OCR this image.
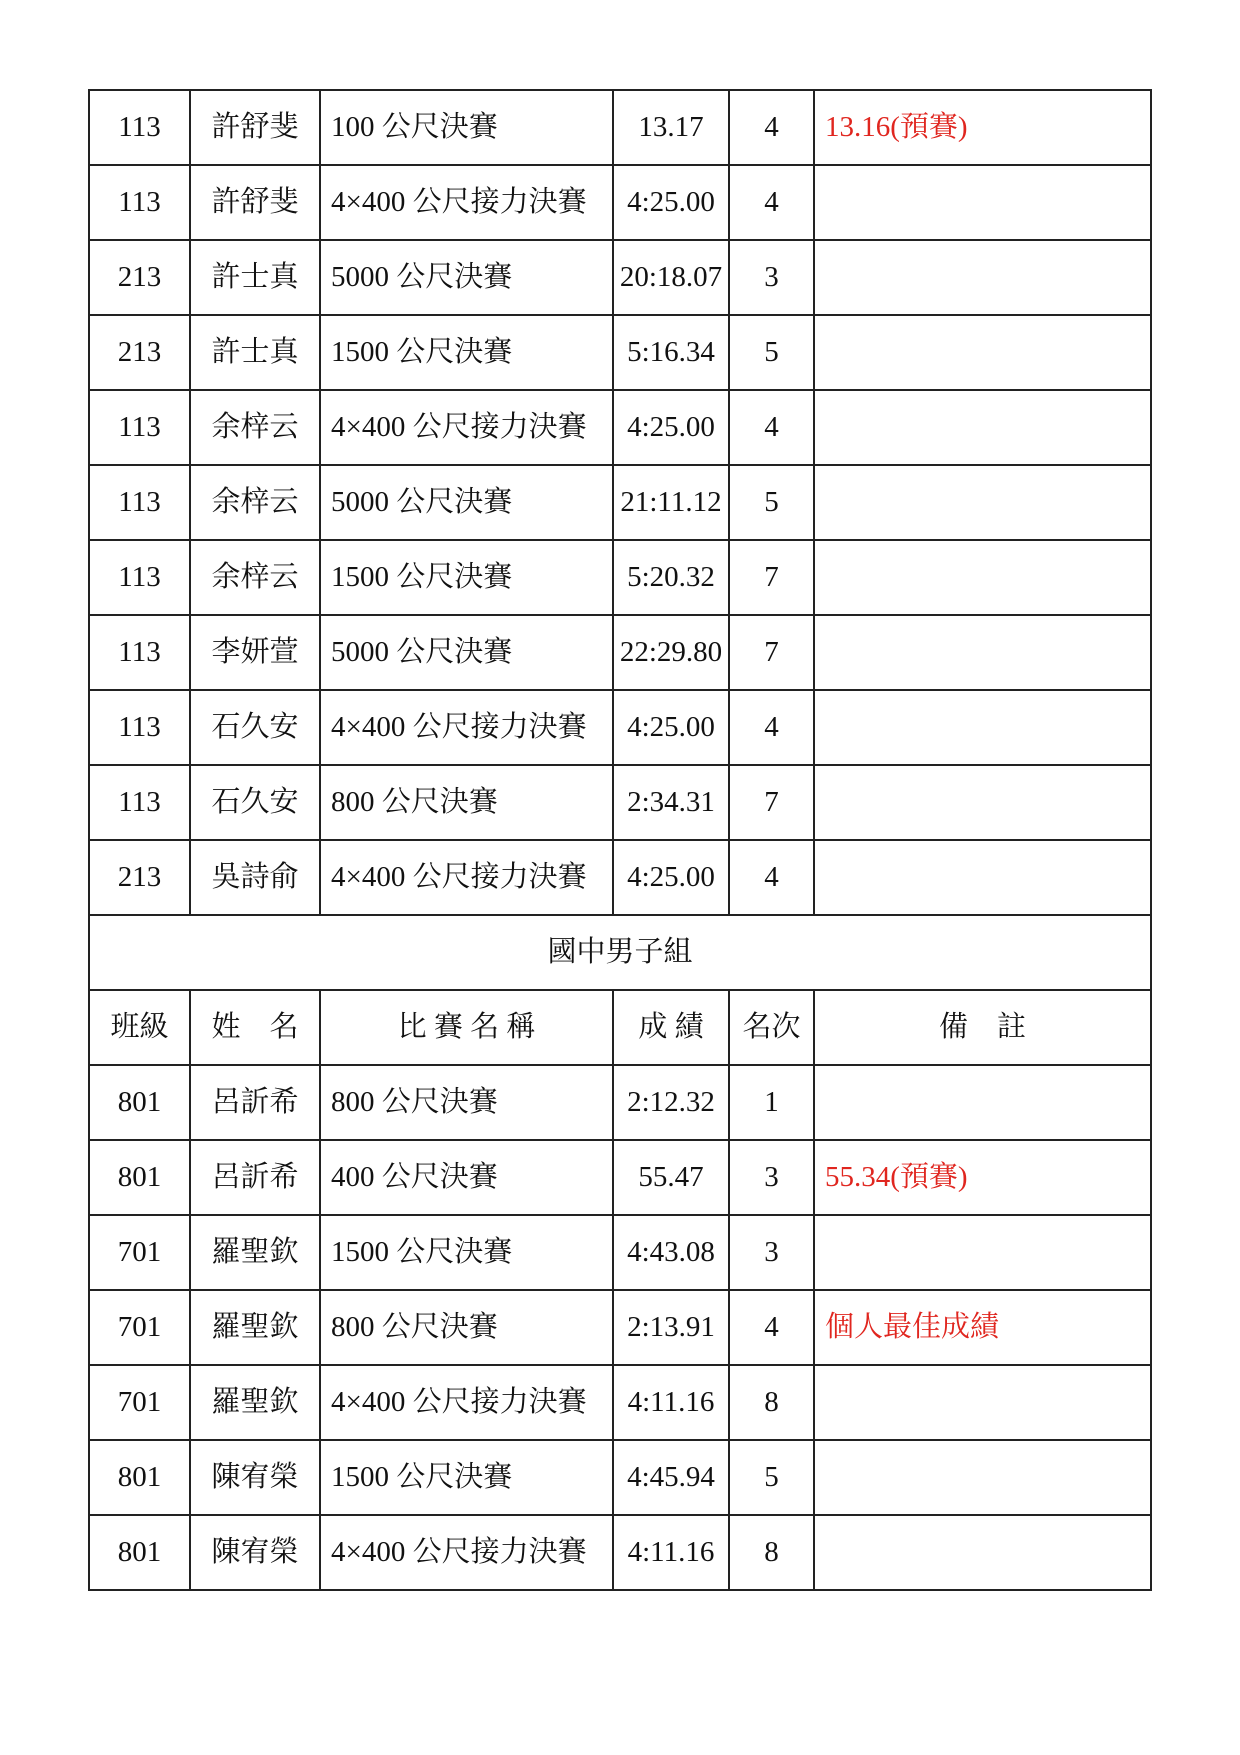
113	許舒斐	100 公尺決賽	13.17	4	13.16(預賽)
113	許舒斐	4×400 公尺接力決賽	4:25.00	4	
213	許士真	5000 公尺決賽	20:18.07	3	
213	許士真	1500 公尺決賽	5:16.34	5	
113	余梓云	4×400 公尺接力決賽	4:25.00	4	
113	余梓云	5000 公尺決賽	21:11.12	5	
113	余梓云	1500 公尺決賽	5:20.32	7	
113	李妍萱	5000 公尺決賽	22:29.80	7	
113	石久安	4×400 公尺接力決賽	4:25.00	4	
113	石久安	800 公尺決賽	2:34.31	7	
213	吳詩俞	4×400 公尺接力決賽	4:25.00	4	
國中男子組					
班級	姓　名	比 賽 名 稱	成 績	名次	備　註
801	呂訢希	800 公尺決賽	2:12.32	1	
801	呂訢希	400 公尺決賽	55.47	3	55.34(預賽)
701	羅聖欽	1500 公尺決賽	4:43.08	3	
701	羅聖欽	800 公尺決賽	2:13.91	4	個人最佳成績
701	羅聖欽	4×400 公尺接力決賽	4:11.16	8	
801	陳宥榮	1500 公尺決賽	4:45.94	5	
801	陳宥榮	4×400 公尺接力決賽	4:11.16	8	
